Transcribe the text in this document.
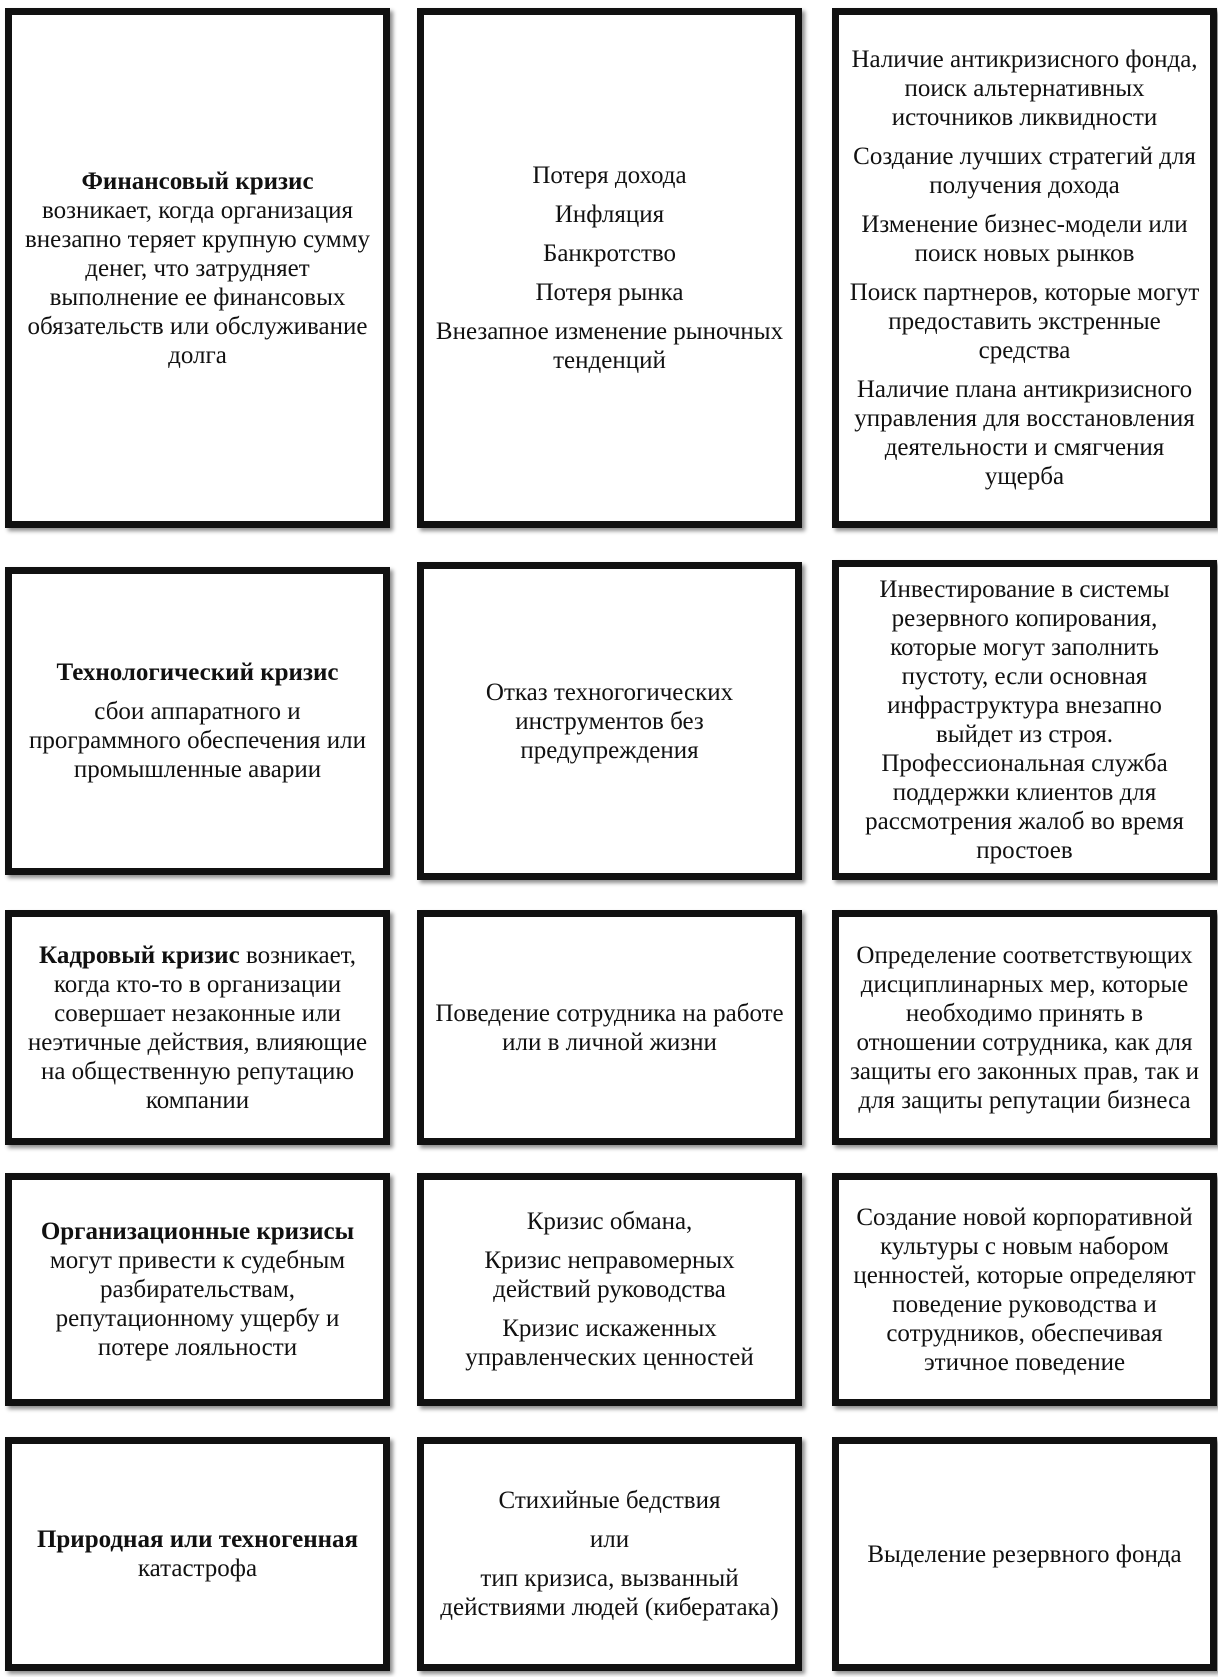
Финансовый кризис
возникает, когда организация внезапно теряет крупную сумму денег, что затрудняет выполнение ее финансовых обязательств или обслуживание долга
Потеря дохода
Инфляция
Банкротство
Потеря рынка
Внезапное изменение рыночных тенденций
Наличие антикризисного фонда, поиск альтернативных источников ликвидности
Создание лучших стратегий для получения дохода
Изменение бизнес-модели или поиск новых рынков
Поиск партнеров, которые могут предоставить экстренные средства
Наличие плана антикризисного управления для восстановления деятельности и смягчения ущерба
Технологический кризис
сбои аппаратного и программного обеспечения или промышленные аварии
Отказ техногогических инструментов без предупреждения
Инвестирование в системы резервного копирования, которые могут заполнить пустоту, если основная инфраструктура внезапно выйдет из строя. Профессиональная служба поддержки клиентов для рассмотрения жалоб во время простоев
Кадровый кризис возникает, когда кто-то в организации совершает незаконные или неэтичные действия, влияющие на общественную репутацию компании
Поведение сотрудника на работе или в личной жизни
Определение соответствующих дисциплинарных мер, которые необходимо принять в отношении сотрудника, как для защиты его законных прав, так и для защиты репутации бизнеса
Организационные кризисы
могут привести к судебным разбирательствам, репутационному ущербу и потере лояльности
Кризис обмана,
Кризис неправомерных действий руководства
Кризис искаженных управленческих ценностей
Создание новой корпоративной культуры с новым набором ценностей, которые определяют поведение руководства и сотрудников, обеспечивая этичное поведение
Природная или техногенная
катастрофа
Стихийные бедствия
или
тип кризиса, вызванный действиями людей (кибератака)
Выделение резервного фонда
